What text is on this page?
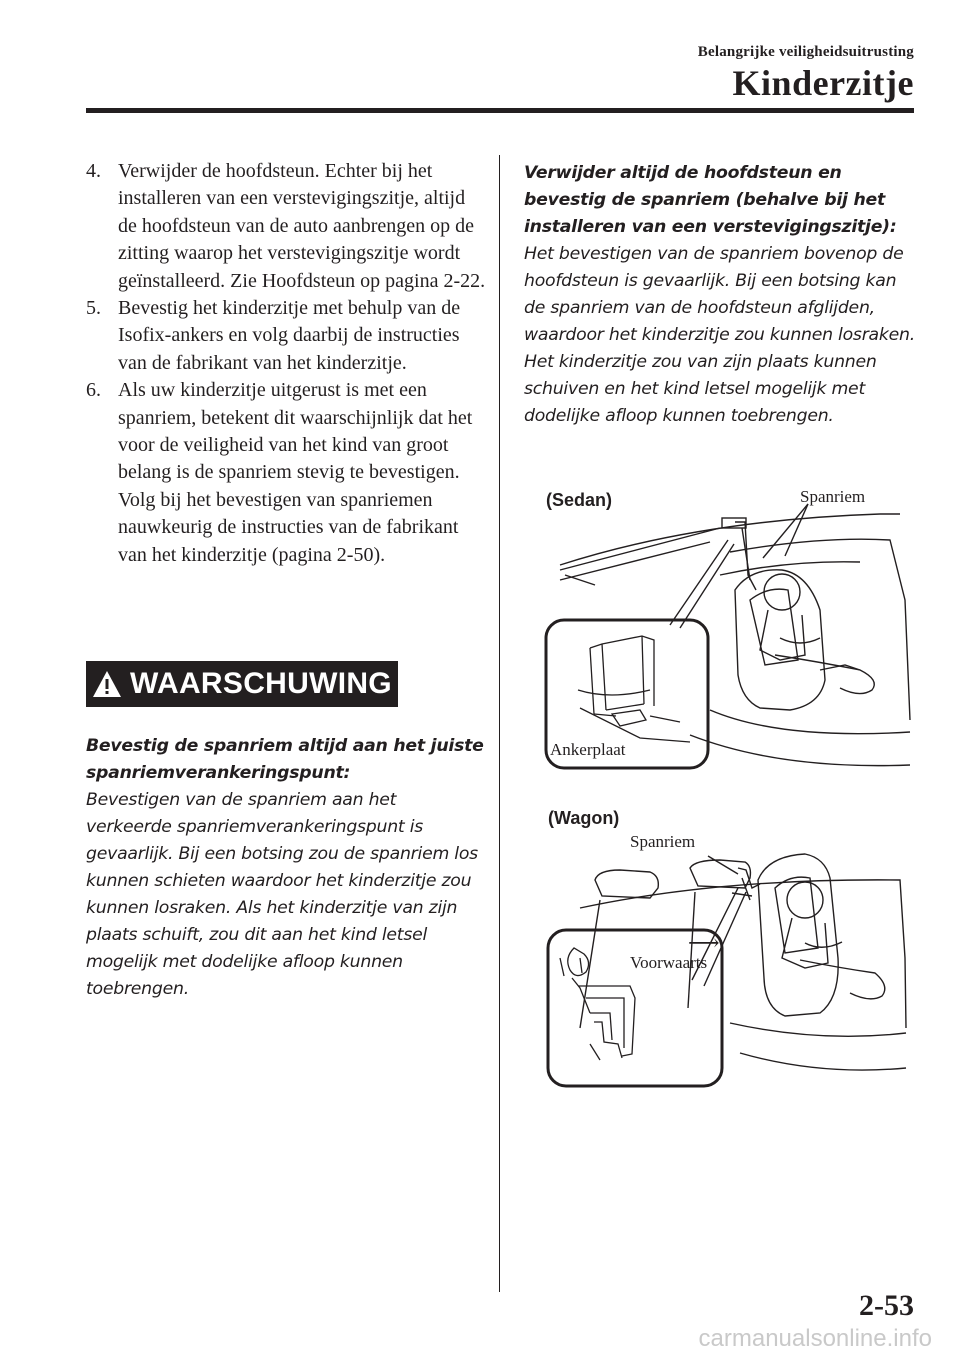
Belangrijke veiligheidsuitrusting
Kinderzitje
4. Verwijder de hoofdsteun. Echter bij het installeren van een verstevigingszitje, altijd de hoofdsteun van de auto aanbrengen op de zitting waarop het verstevigingszitje wordt geïnstalleerd. Zie Hoofdsteun op pagina 2-22.
5. Bevestig het kinderzitje met behulp van de Isofix-ankers en volg daarbij de instructies van de fabrikant van het kinderzitje.
6. Als uw kinderzitje uitgerust is met een spanriem, betekent dit waarschijnlijk dat het voor de veiligheid van het kind van groot belang is de spanriem stevig te bevestigen. Volg bij het bevestigen van spanriemen nauwkeurig de instructies van de fabrikant van het kinderzitje (pagina 2-50).
WAARSCHUWING
Bevestig de spanriem altijd aan het juiste spanriemverankeringspunt:
Bevestigen van de spanriem aan het verkeerde spanriemverankeringspunt is gevaarlijk. Bij een botsing zou de spanriem los kunnen schieten waardoor het kinderzitje zou kunnen losraken. Als het kinderzitje van zijn plaats schuift, zou dit aan het kind letsel mogelijk met dodelijke afloop kunnen toebrengen.
Verwijder altijd de hoofdsteun en bevestig de spanriem (behalve bij het installeren van een verstevigingszitje):
Het bevestigen van de spanriem bovenop de hoofdsteun is gevaarlijk. Bij een botsing kan de spanriem van de hoofdsteun afglijden, waardoor het kinderzitje zou kunnen losraken. Het kinderzitje zou van zijn plaats kunnen schuiven en het kind letsel mogelijk met dodelijke afloop kunnen toebrengen.
(Sedan)	Spanriem
Ankerplaat
(Wagon)
Spanriem
⟶
Voorwaarts
2-53
carmanualsonline.info
